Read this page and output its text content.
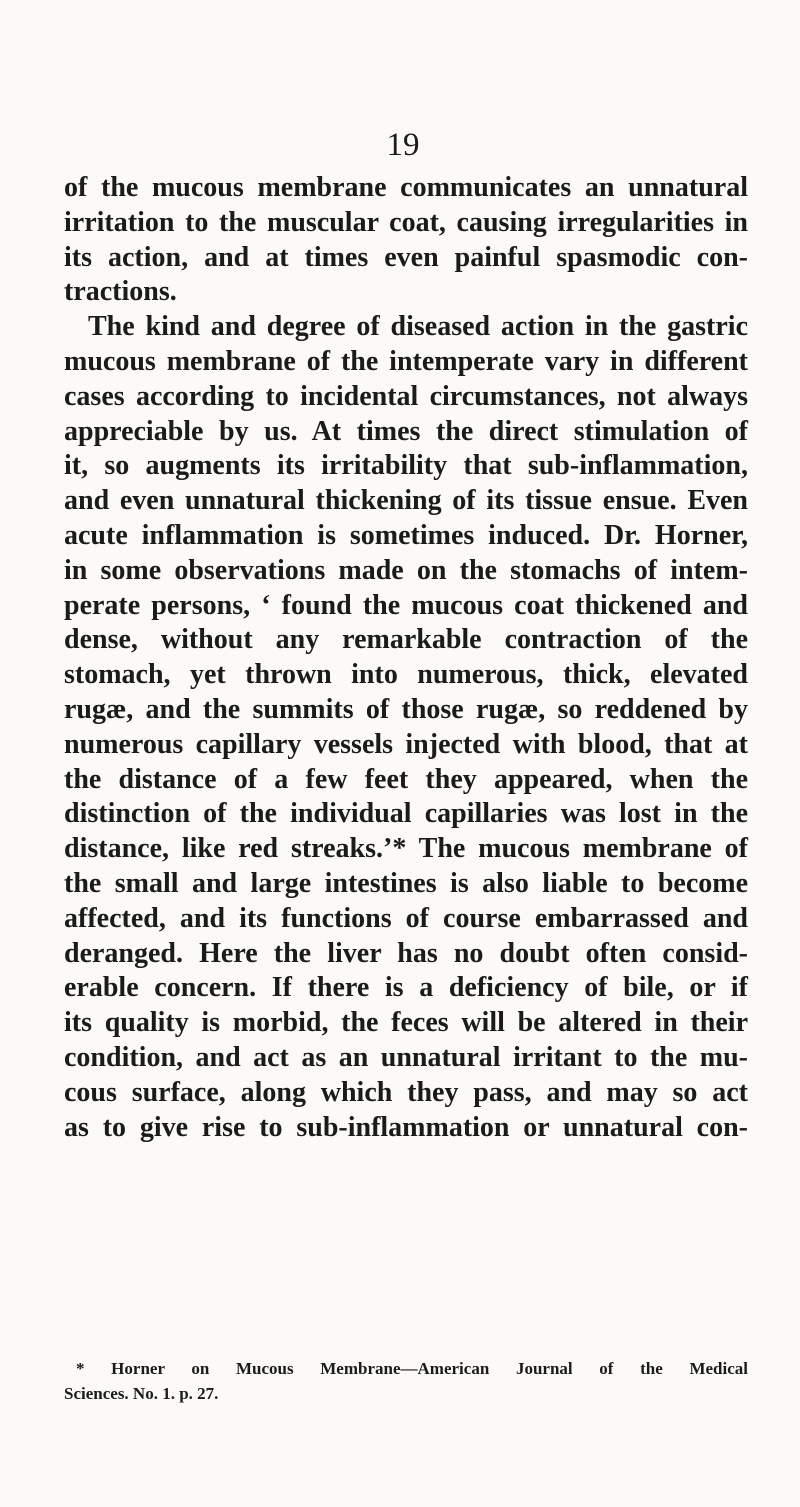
19
of the mucous membrane communicates an unnatural
irritation to the muscular coat, causing irregularities in
its action, and at times even painful spasmodic con-
tractions.
The kind and degree of diseased action in the gastric
mucous membrane of the intemperate vary in different
cases according to incidental circumstances, not always
appreciable by us. At times the direct stimulation of
it, so augments its irritability that sub-inflammation,
and even unnatural thickening of its tissue ensue. Even
acute inflammation is sometimes induced. Dr. Horner,
in some observations made on the stomachs of intem-
perate persons, ‘ found the mucous coat thickened and
dense, without any remarkable contraction of the
stomach, yet thrown into numerous, thick, elevated
rugæ, and the summits of those rugæ, so reddened by
numerous capillary vessels injected with blood, that at
the distance of a few feet they appeared, when the
distinction of the individual capillaries was lost in the
distance, like red streaks.’* The mucous membrane of
the small and large intestines is also liable to become
affected, and its functions of course embarrassed and
deranged. Here the liver has no doubt often consid-
erable concern. If there is a deficiency of bile, or if
its quality is morbid, the feces will be altered in their
condition, and act as an unnatural irritant to the mu-
cous surface, along which they pass, and may so act
as to give rise to sub-inflammation or unnatural con-
* Horner on Mucous Membrane—American Journal of the Medical
Sciences. No. 1. p. 27.
